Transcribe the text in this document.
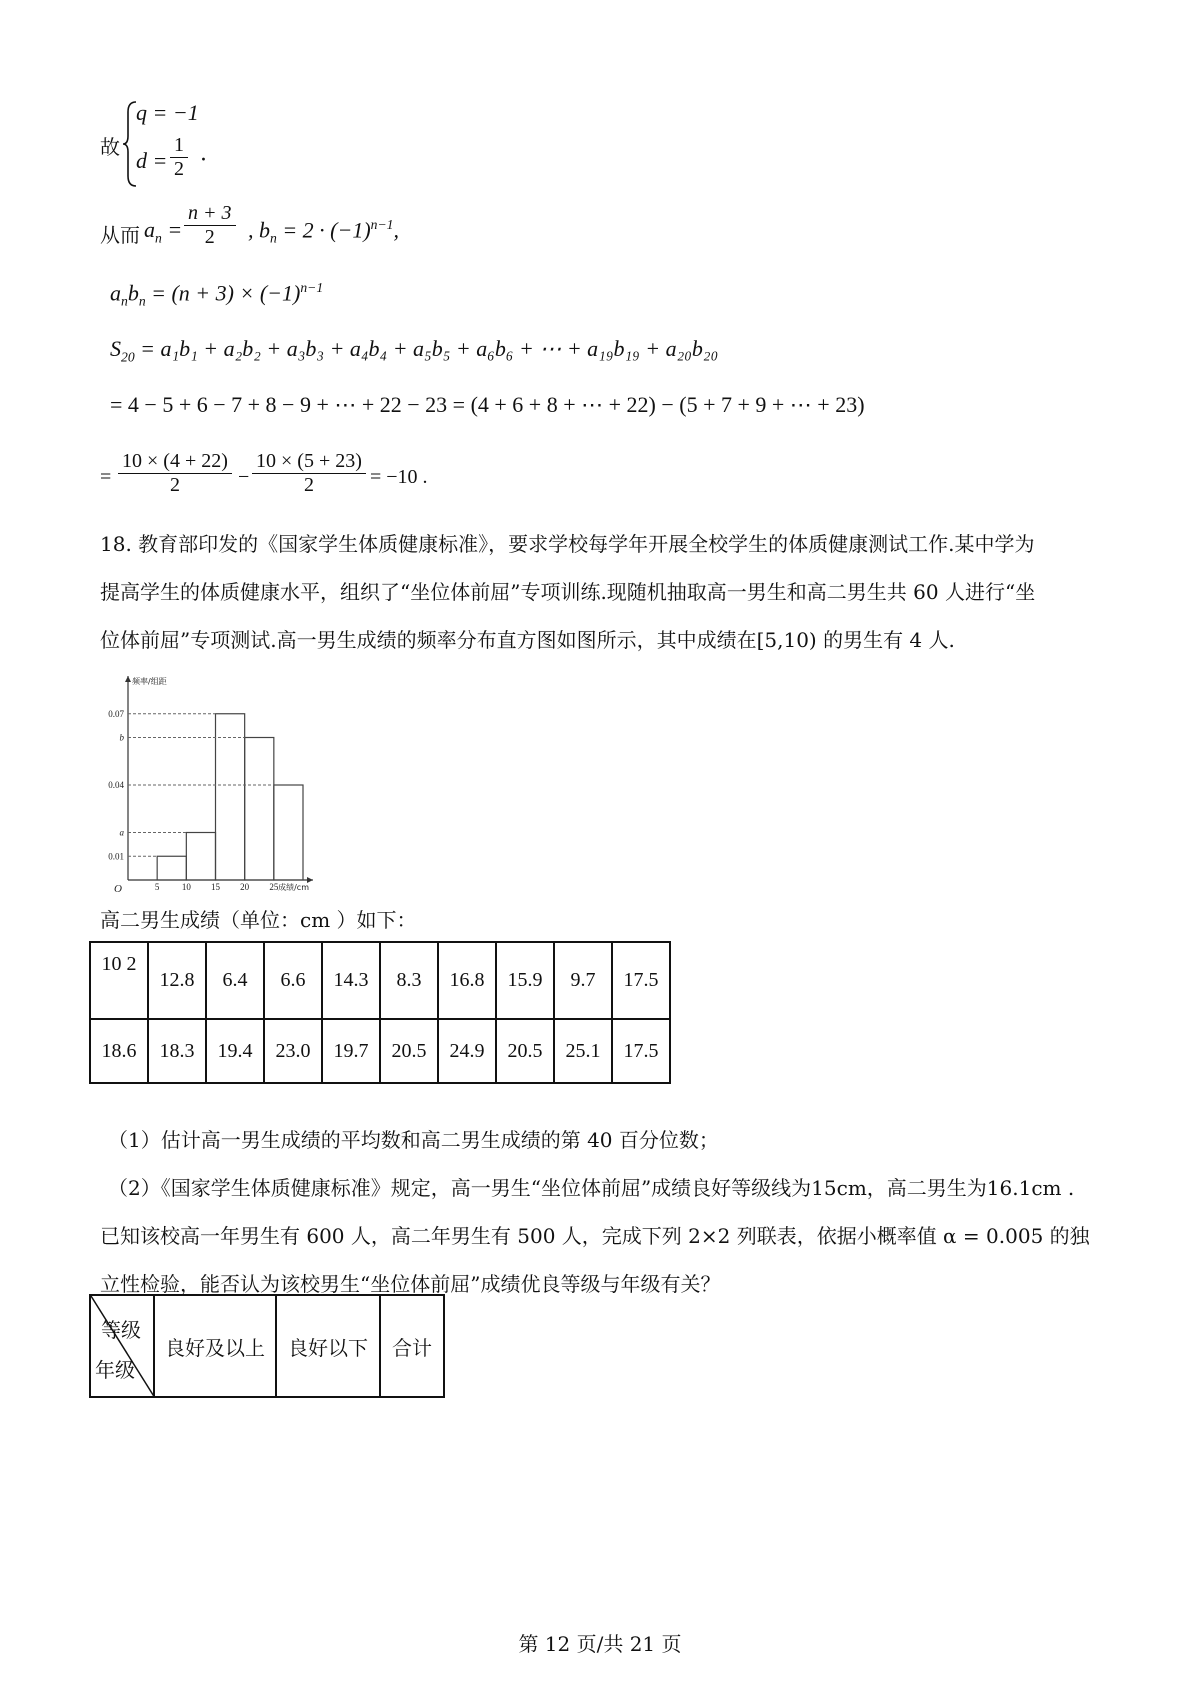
故
q = −1
$d = \frac{1}{2}$ ·
从而 $a_n = \frac{n + 3}{2}$ , $b_n = 2 \cdot (-1)^{n-1}$,
$a_nb_n = (n + 3) \times (-1)^{n-1}$
$S_{20} = a_1b_1 + a_2b_2 + a_3b_3 + a_4b_4 + a_5b_5 + a_6b_6$ + ⋯ + a₁₉b₁₉ + a₂₀b₂₀
= 4 − 5 + 6 − 7 + 8 − 9 + ⋯ + 22 − 23 = (4 + 6 + 8 + ⋯ + 22) − (5 + 7 + 9 + ⋯ + 23)
= $\frac{10 \times (4 + 22)}{2} - \frac{10 \times (5 + 23)}{2} = -10$ .
18. 教育部印发的《国家学生体质健康标准》，要求学校每学年开展全校学生的体质健康测试工作.某中学为
提高学生的体质健康水平，组织了“坐位体前屈”专项训练.现随机抽取高一男生和高二男生共 60 人进行“坐
位体前屈”专项测试.高一男生成绩的频率分布直方图如图所示，其中成绩在[5,10) 的男生有 4 人.
0.07
b
0.04
a
0.01
5 10 15 20 25
O
频率/组距
成绩/cm
高二男生成绩（单位：cm ）如下：
10 2	12.8	6.4	6.6	14.3	8.3	16.8	15.9	9.7	17.5
18.6	18.3	19.4	23.0	19.7	20.5	24.9	20.5	25.1	17.5
（1）估计高一男生成绩的平均数和高二男生成绩的第 40 百分位数；
（2）《国家学生体质健康标准》规定，高一男生“坐位体前屈”成绩良好等级线为15cm，高二男生为16.1cm .
已知该校高一年男生有 600 人，高二年男生有 500 人，完成下列 2×2 列联表，依据小概率值 α = 0.005 的独
立性检验，能否认为该校男生“坐位体前屈”成绩优良等级与年级有关？
等级
年级
	良好及以上	良好以下	合计
第 12 页/共 21 页
